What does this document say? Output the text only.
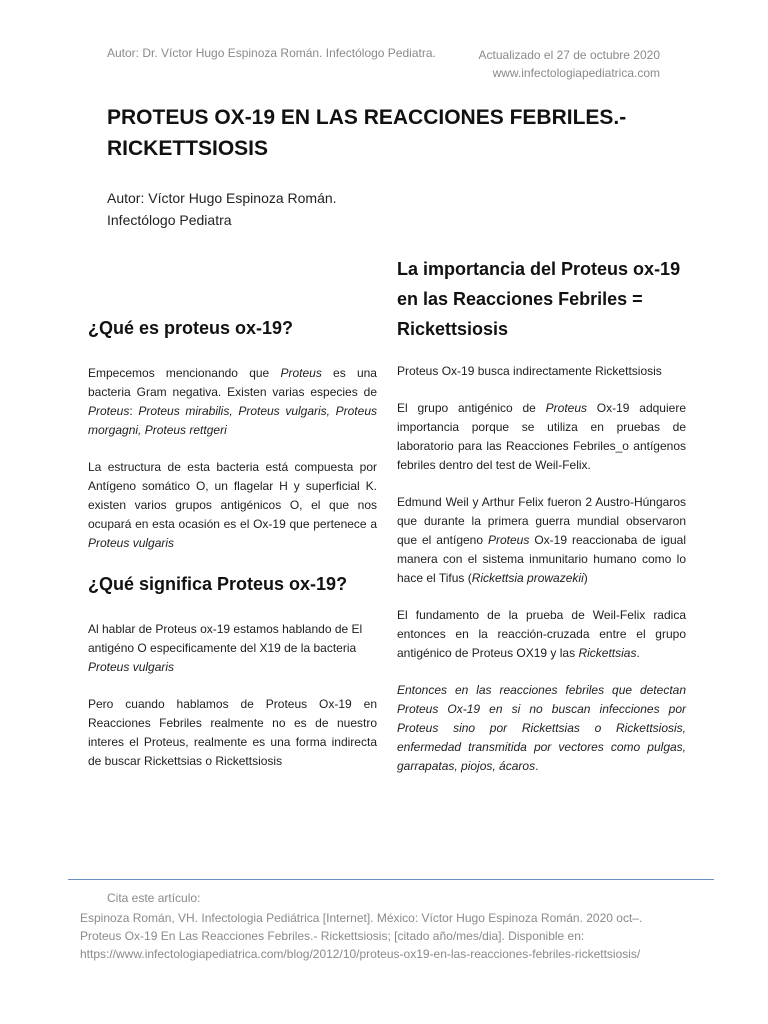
Autor: Dr. Víctor Hugo Espinoza Román. Infectólogo Pediatra.	Actualizado el 27 de octubre 2020
www.infectologiapediatrica.com
PROTEUS OX-19 EN LAS REACCIONES FEBRILES.-
RICKETTSIOSIS
Autor: Víctor Hugo Espinoza Román.
Infectólogo Pediatra
¿Qué es proteus ox-19?

Empecemos mencionando que Proteus es una bacteria Gram negativa. Existen varias especies de Proteus: Proteus mirabilis, Proteus vulgaris, Proteus morgagni, Proteus rettgeri

La estructura de esta bacteria está compuesta por Antígeno somático O, un flagelar H y superficial K. existen varios grupos antigénicos O, el que nos ocupará en esta ocasión es el Ox-19 que pertenece a Proteus vulgaris

¿Qué significa Proteus ox-19?

Al hablar de Proteus ox-19 estamos hablando de El antigéno O especificamente del X19 de la bacteria Proteus vulgaris

Pero cuando hablamos de Proteus Ox-19 en Reacciones Febriles realmente no es de nuestro interes el Proteus, realmente es una forma indirecta de buscar Rickettsias o Rickettsiosis

La importancia del Proteus ox-19 en las Reacciones Febriles = Rickettsiosis

Proteus Ox-19 busca indirectamente Rickettsiosis

El grupo antigénico de Proteus Ox-19 adquiere importancia porque se utiliza en pruebas de laboratorio para las Reacciones Febriles_o antígenos febriles dentro del test de Weil-Felix.

Edmund Weil y Arthur Felix fueron 2 Austro-Húngaros que durante la primera guerra mundial observaron que el antígeno Proteus Ox-19 reaccionaba de igual manera con el sistema inmunitario humano como lo hace el Tifus (Rickettsia prowazekii)

El fundamento de la prueba de Weil-Felix radica entonces en la reacción-cruzada entre el grupo antigénico de Proteus OX19 y las Rickettsias.

Entonces en las reacciones febriles que detectan Proteus Ox-19 en si no buscan infecciones por Proteus sino por Rickettsias o Rickettsiosis, enfermedad transmitida por vectores como pulgas, garrapatas, piojos, ácaros.

Cita este artículo:
Espinoza Román, VH. Infectologia Pediátrica [Internet]. México: Víctor Hugo Espinoza Román. 2020 oct–. Proteus Ox-19 En Las Reacciones Febriles.- Rickettsiosis; [citado año/mes/dia]. Disponible en: https://www.infectologiapediatrica.com/blog/2012/10/proteus-ox19-en-las-reacciones-febriles-rickettsiosis/
